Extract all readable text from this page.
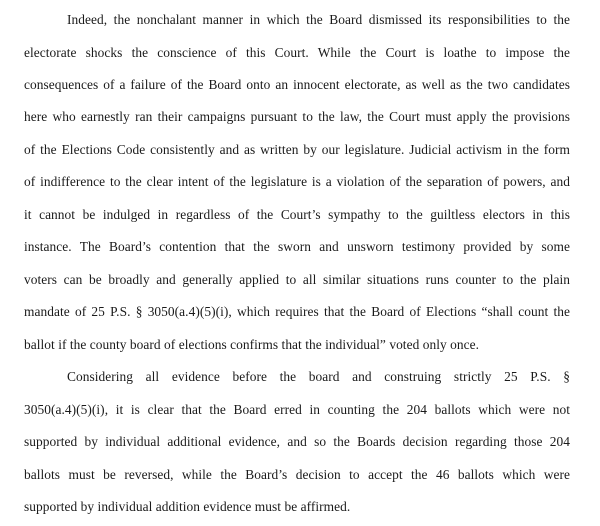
Indeed, the nonchalant manner in which the Board dismissed its responsibilities to the
electorate shocks the conscience of this Court. While the Court is loathe to impose the
consequences of a failure of the Board onto an innocent electorate, as well as the two candidates
here who earnestly ran their campaigns pursuant to the law, the Court must apply the provisions
of the Elections Code consistently and as written by our legislature. Judicial activism in the form
of indifference to the clear intent of the legislature is a violation of the separation of powers, and
it cannot be indulged in regardless of the Court’s sympathy to the guiltless electors in this
instance. The Board’s contention that the sworn and unsworn testimony provided by some
voters can be broadly and generally applied to all similar situations runs counter to the plain
mandate of 25 P.S. § 3050(a.4)(5)(i), which requires that the Board of Elections “shall count the
ballot if the county board of elections confirms that the individual” voted only once.
Considering all evidence before the board and construing strictly 25 P.S. §
3050(a.4)(5)(i), it is clear that the Board erred in counting the 204 ballots which were not
supported by individual additional evidence, and so the Boards decision regarding those 204
ballots must be reversed, while the Board’s decision to accept the 46 ballots which were
supported by individual addition evidence must be affirmed.
